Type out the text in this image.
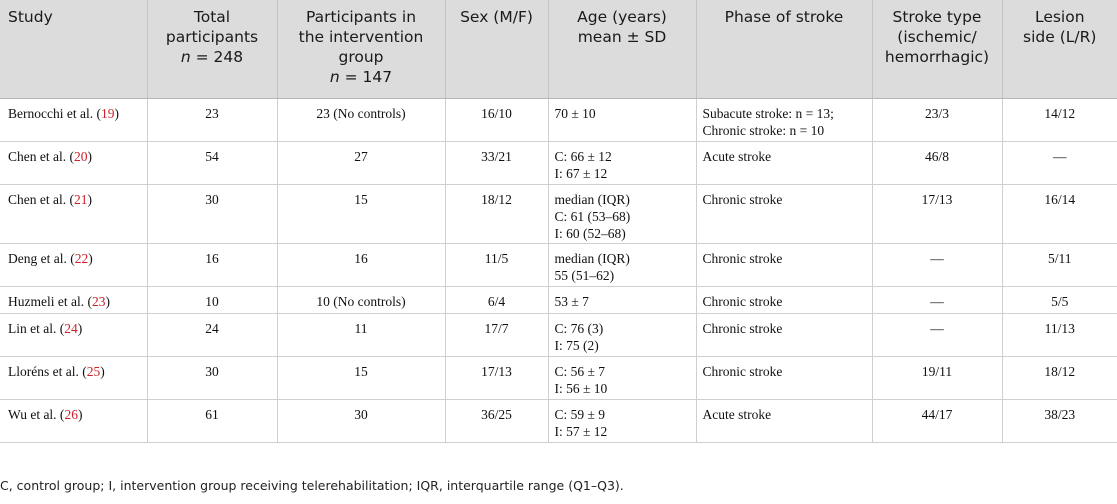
Study	Total
participants
n = 248	Participants in
the intervention
group
n = 147	Sex (M/F)	Age (years)
mean ± SD	Phase of stroke	Stroke type
(ischemic/
hemorrhagic)	Lesion
side (L/R)

Bernocchi et al. (19)	23	23 (No controls)	16/10	70 ± 10	Subacute stroke: n = 13;
Chronic stroke: n = 10	23/3	14/12
Chen et al. (20)	54	27	33/21	C: 66 ± 12
I: 67 ± 12	Acute stroke	46/8	—
Chen et al. (21)	30	15	18/12	median (IQR)
C: 61 (53–68)
I: 60 (52–68)	Chronic stroke	17/13	16/14
Deng et al. (22)	16	16	11/5	median (IQR)
55 (51–62)	Chronic stroke	—	5/11
Huzmeli et al. (23)	10	10 (No controls)	6/4	53 ± 7	Chronic stroke	—	5/5
Lin et al. (24)	24	11	17/7	C: 76 (3)
I: 75 (2)	Chronic stroke	—	11/13
Lloréns et al. (25)	30	15	17/13	C: 56 ± 7
I: 56 ± 10	Chronic stroke	19/11	18/12
Wu et al. (26)	61	30	36/25	C: 59 ± 9
I: 57 ± 12	Acute stroke	44/17	38/23
C, control group; I, intervention group receiving telerehabilitation; IQR, interquartile range (Q1–Q3).
